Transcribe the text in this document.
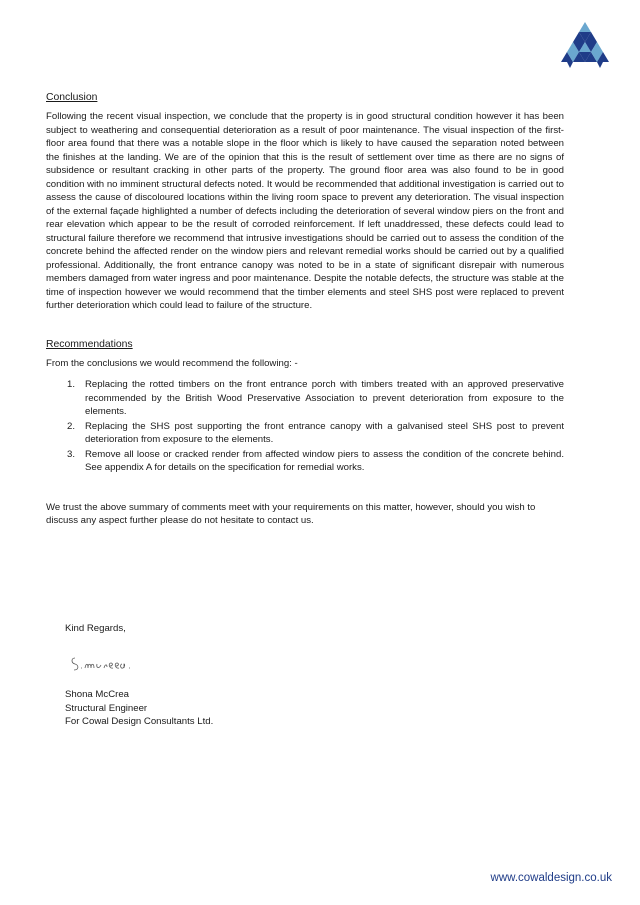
Conclusion

Following the recent visual inspection, we conclude that the property is in good structural condition however it has been subject to weathering and consequential deterioration as a result of poor maintenance. The visual inspection of the first-floor area found that there was a notable slope in the floor which is likely to have caused the separation noted between the finishes at the landing. We are of the opinion that this is the result of settlement over time as there are no signs of subsidence or resultant cracking in other parts of the property. The ground floor area was also found to be in good condition with no imminent structural defects noted. It would be recommended that additional investigation is carried out to assess the cause of discoloured locations within the living room space to prevent any deterioration. The visual inspection of the external façade highlighted a number of defects including the deterioration of several window piers on the front and rear elevation which appear to be the result of corroded reinforcement. If left unaddressed, these defects could lead to structural failure therefore we recommend that intrusive investigations should be carried out to assess the condition of the concrete behind the affected render on the window piers and relevant remedial works should be carried out by a qualified professional. Additionally, the front entrance canopy was noted to be in a state of significant disrepair with numerous members damaged from water ingress and poor maintenance. Despite the notable defects, the structure was stable at the time of inspection however we would recommend that the timber elements and steel SHS post were replaced to prevent further deterioration which could lead to failure of the structure.

Recommendations

From the conclusions we would recommend the following: -

1. Replacing the rotted timbers on the front entrance porch with timbers treated with an approved preservative recommended by the British Wood Preservative Association to prevent deterioration from exposure to the elements.
2. Replacing the SHS post supporting the front entrance canopy with a galvanised steel SHS post to prevent deterioration from exposure to the elements.
3. Remove all loose or cracked render from affected window piers to assess the condition of the concrete behind. See appendix A for details on the specification for remedial works.

We trust the above summary of comments meet with your requirements on this matter, however, should you wish to discuss any aspect further please do not hesitate to contact us.

Kind Regards,

Shona McCrea
Structural Engineer
For Cowal Design Consultants Ltd.
www.cowaldesign.co.uk
